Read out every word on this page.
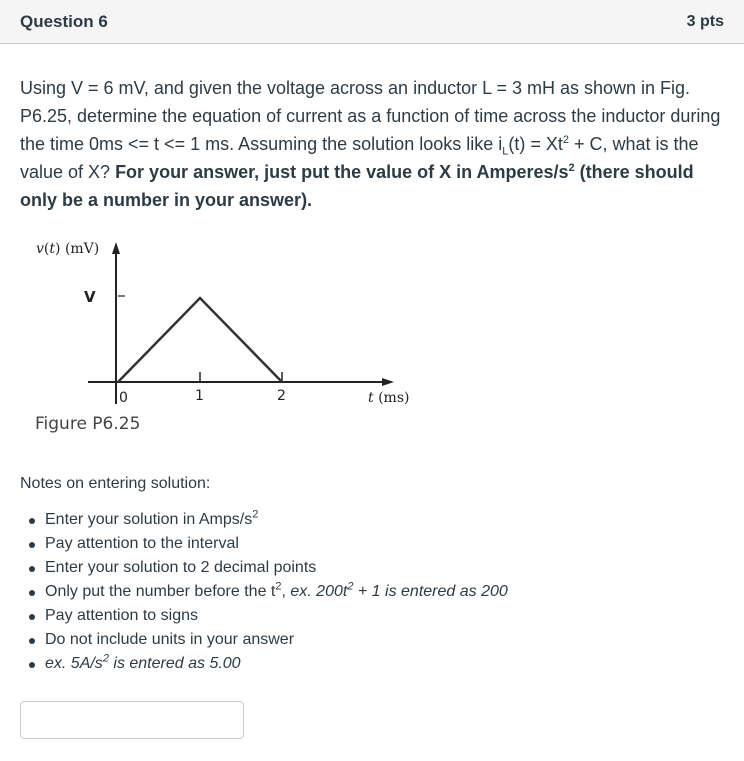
Question 6	3 pts
Using V = 6 mV, and given the voltage across an inductor L = 3 mH as shown in Fig. P6.25, determine the equation of current as a function of time across the inductor during the time 0ms <= t <= 1 ms. Assuming the solution looks like $i_L(t) = Xt^2 + C$, what is the value of X? For your answer, just put the value of X in Amperes/$s^2$ (there should only be a number in your answer).
v(t) (mV)
V
0	1	2	t (ms)
Figure P6.25
Notes on entering solution:
Enter your solution in Amps/$s^2$
Pay attention to the interval
Enter your solution to 2 decimal points
Only put the number before the $t^2$, ex. $200t^2 + 1$ is entered as 200
Pay attention to signs
Do not include units in your answer
ex. $5A/s^2$ is entered as 5.00
